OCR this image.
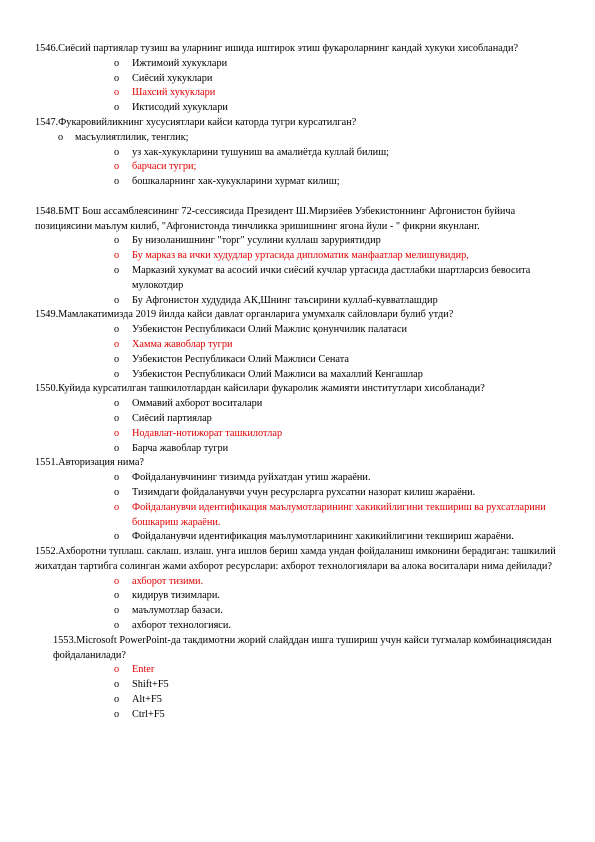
1546.Сиёсий партиялар тузиш ва уларнинг ишида иштирок этиш фукароларнинг кандай хукуки хисобланади?
o Ижтимоий хукуклари
o Сиёсий хукуклари
o Шахсий хукуклари
o Иктисодий хукуклари
1547.Фукаровийликнинг хусусиятлари кайси каторда тугри курсатилган?
o масъулиятлилик, тенглик;
o уз хак-хукукларини тушуниш ва амалиётда куллай билиш;
o барчаси тугри;
o бошкаларнинг хак-хукукларини хурмат килиш;
1548.БМТ Бош ассамблеясининг 72-сессиясида Президент Ш.Мирзиёев Узбекистоннинг Афгонистон буйича позициясини маълум килиб, "Афгонистонда тинчликка эришишнинг ягона йули - " фикрни якунланг.
o Бу низоланишнинг "торг" усулини куллаш заруриятидир
o Бу марказ ва ички худудлар уртасида дипломатик манфаатлар мелишувидир,
o Марказий хукумат ва асосий ички сиёсий кучлар уртасида дастлабки шартларсиз бевосита мулокотдир
o Бу Афгонистон худудида АК,Шнинг таъсирини куллаб-кувватлашдир
1549.Мамлакатимизда 2019 йилда кайси давлат органларига умумхалк сайловлари булиб утди?
o Узбекистон Республикаси Олий Мажлис қонунчилик палатаси
o Хамма жавоблар тугри
o Узбекистон Республикаси Олий Мажлиси Сената
o Узбекистон Республикаси Олий Мажлиси ва махаллий Кенгашлар
1550.Куйида курсатилган ташкилотлардан кайсилари фукаролик жамияти институтлари хисобланади?
o Оммавий ахборот воситалари
o Сиёсий партиялар
o Нодавлат-нотижорат ташкилотлар
o Барча жавоблар тугри
1551.Авторизация нима?
o Фойдаланувчининг тизимда руйхатдан утиш жараёни.
o Тизимдаги фойдаланувчи учун ресурсларга рухсатни назорат килиш жараёни.
o Фойдаланувчи идентификация маълумотларининг хакикийлигини текшириш ва рухсатларини бошкариш жараёни.
o Фойдаланувчи идентификация маълумотларининг хакикийлигини текшириш жараёни.
1552.Ахборотни туплаш. саклаш. излаш. унга ишлов бериш хамда ундан фойдаланиш имконини берадиган: ташкилий жихатдан тартибга солинган жами ахборот ресурслари: ахборот технологиялари ва алока воситалари нима дейилади?
o ахборот тизими.
o кидирув тизимлари.
o маълумотлар базаси.
o ахборот технологияси.
1553.Microsoft PowerPoint-да такдимотни жорий слайддан ишга тушириш учун кайси тугмалар комбинациясидан фойдаланилади?
o Enter
o Shift+F5
o Alt+F5
o Ctrl+F5
